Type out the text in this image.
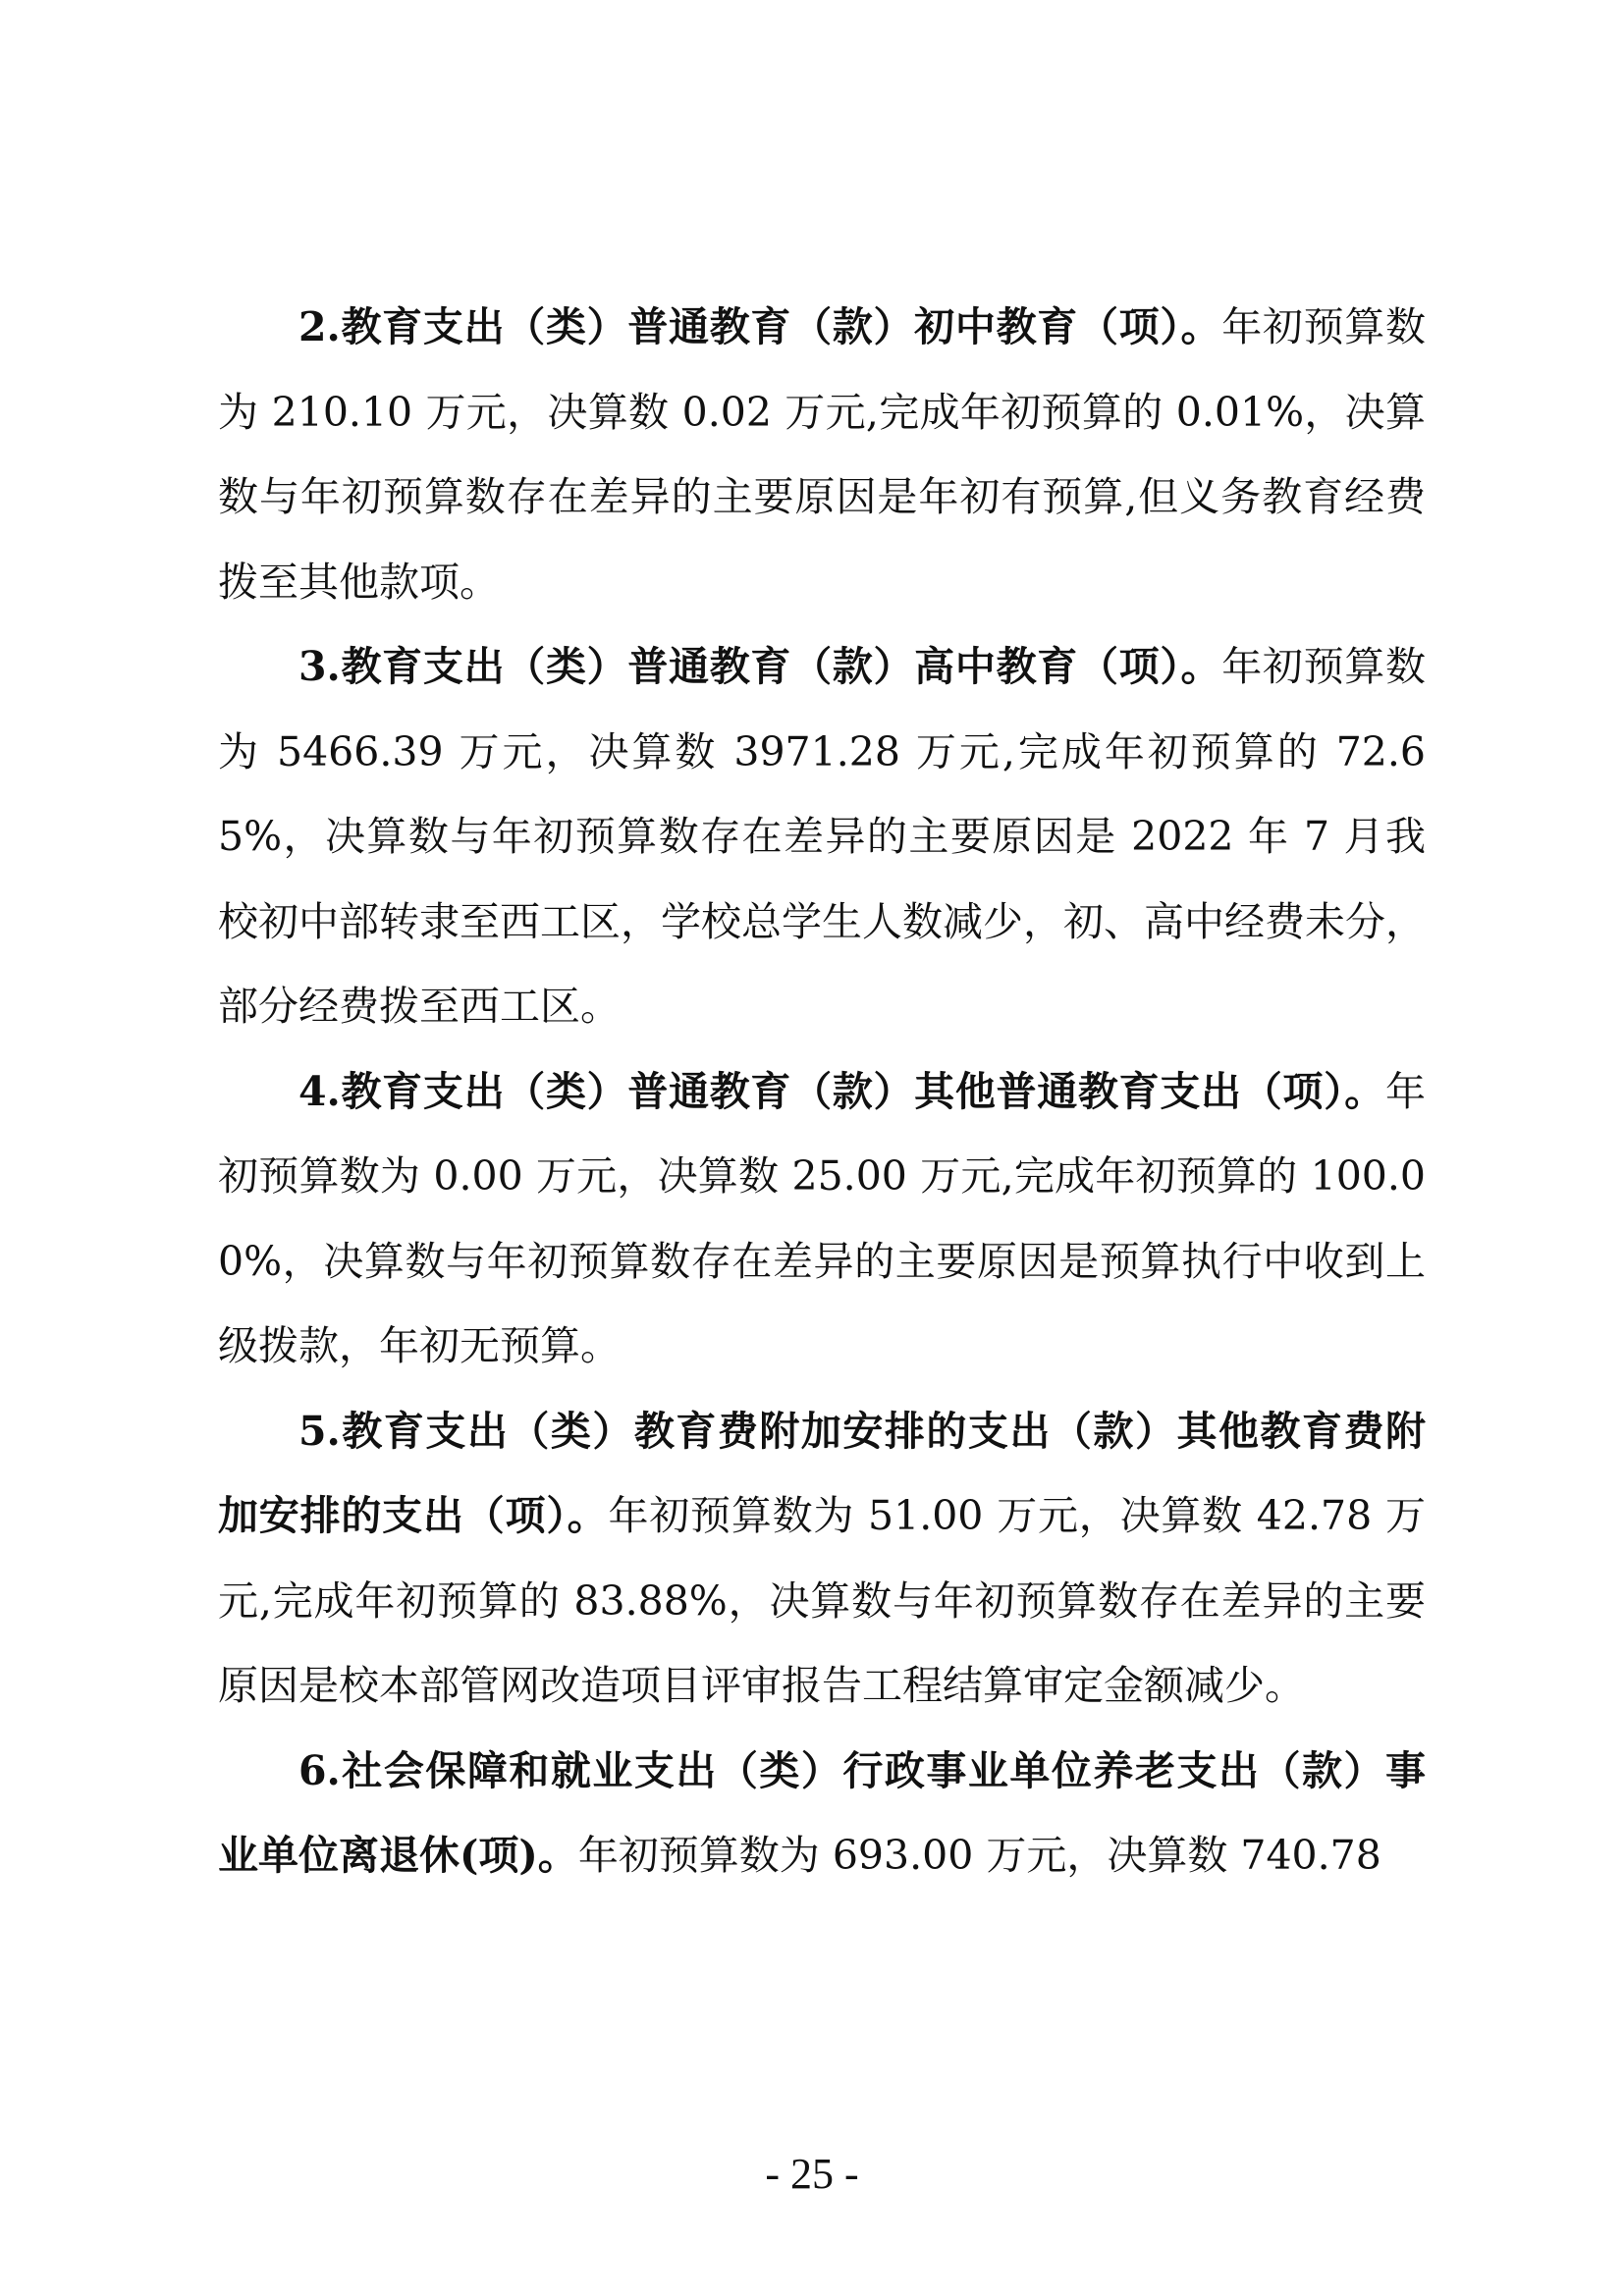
2.教育支出（类）普通教育（款）初中教育（项）。年初预算数为 210.10 万元，决算数 0.02 万元,完成年初预算的 0.01%，决算数与年初预算数存在差异的主要原因是年初有预算,但义务教育经费拨至其他款项。

3.教育支出（类）普通教育（款）高中教育（项）。年初预算数为 5466.39 万元，决算数 3971.28 万元,完成年初预算的 72.65%，决算数与年初预算数存在差异的主要原因是 2022 年 7 月我校初中部转隶至西工区，学校总学生人数减少，初、高中经费未分，部分经费拨至西工区。

4.教育支出（类）普通教育（款）其他普通教育支出（项）。年初预算数为 0.00 万元，决算数 25.00 万元,完成年初预算的 100.00%，决算数与年初预算数存在差异的主要原因是预算执行中收到上级拨款，年初无预算。

5.教育支出（类）教育费附加安排的支出（款）其他教育费附加安排的支出（项）。年初预算数为 51.00 万元，决算数 42.78 万元,完成年初预算的 83.88%，决算数与年初预算数存在差异的主要原因是校本部管网改造项目评审报告工程结算审定金额减少。

6.社会保障和就业支出（类）行政事业单位养老支出（款）事业单位离退休(项)。年初预算数为 693.00 万元，决算数 740.78

- 25 -
